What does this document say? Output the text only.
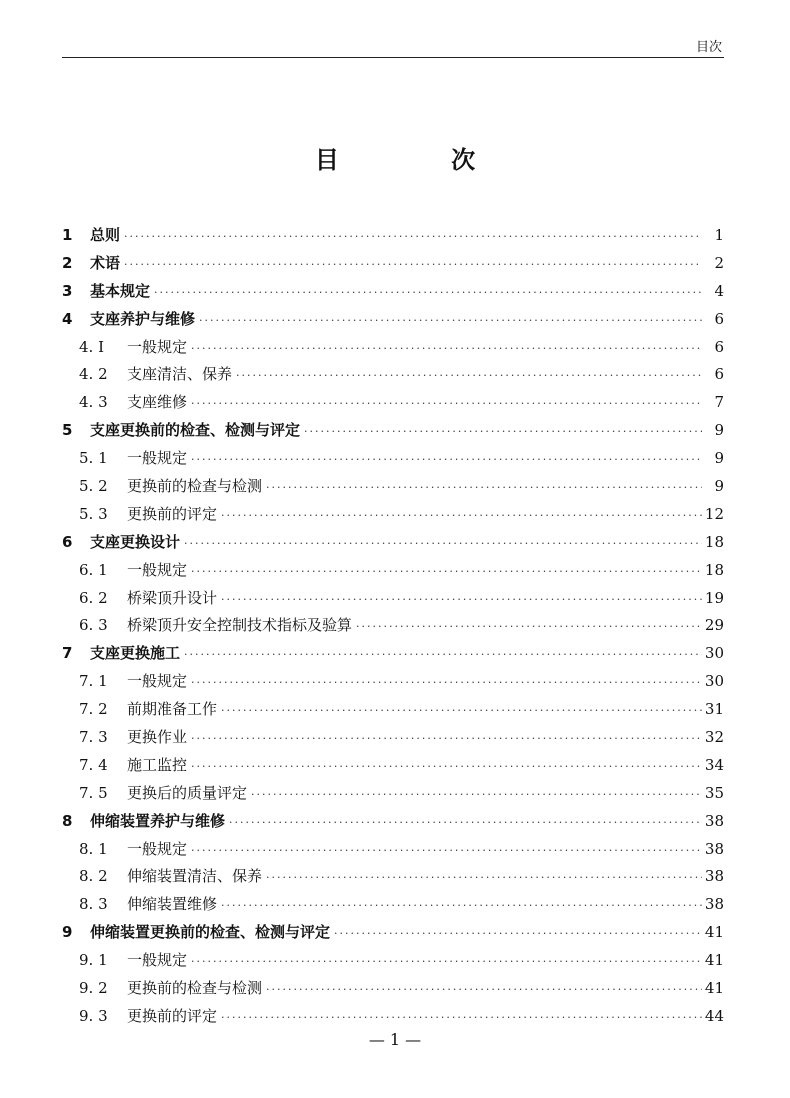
目次
目 次
1	总则 ·····	1
2	术语 ·····	2
3	基本规定 ·····	4
4	支座养护与维修 ·····	6
4. I	一般规定 ·····	6
4. 2	支座清洁、保养 ·····	6
4. 3	支座维修 ·····	7
5	支座更换前的检查、检测与评定 ·····	9
5. 1	一般规定 ·····	9
5. 2	更换前的检查与检测 ·····	9
5. 3	更换前的评定 ·····	12
6	支座更换设计 ·····	18
6. 1	一般规定 ·····	18
6. 2	桥梁顶升设计 ·····	19
6. 3	桥梁顶升安全控制技术指标及验算 ·····	29
7	支座更换施工 ·····	30
7. 1	一般规定 ·····	30
7. 2	前期准备工作 ·····	31
7. 3	更换作业 ·····	32
7. 4	施工监控 ·····	34
7. 5	更换后的质量评定 ·····	35
8	伸缩装置养护与维修 ·····	38
8. 1	一般规定 ·····	38
8. 2	伸缩装置清洁、保养 ·····	38
8. 3	伸缩装置维修 ·····	38
9	伸缩装置更换前的检查、检测与评定 ·····	41
9. 1	一般规定 ·····	41
9. 2	更换前的检查与检测 ·····	41
9. 3	更换前的评定 ·····	44
— 1 —
